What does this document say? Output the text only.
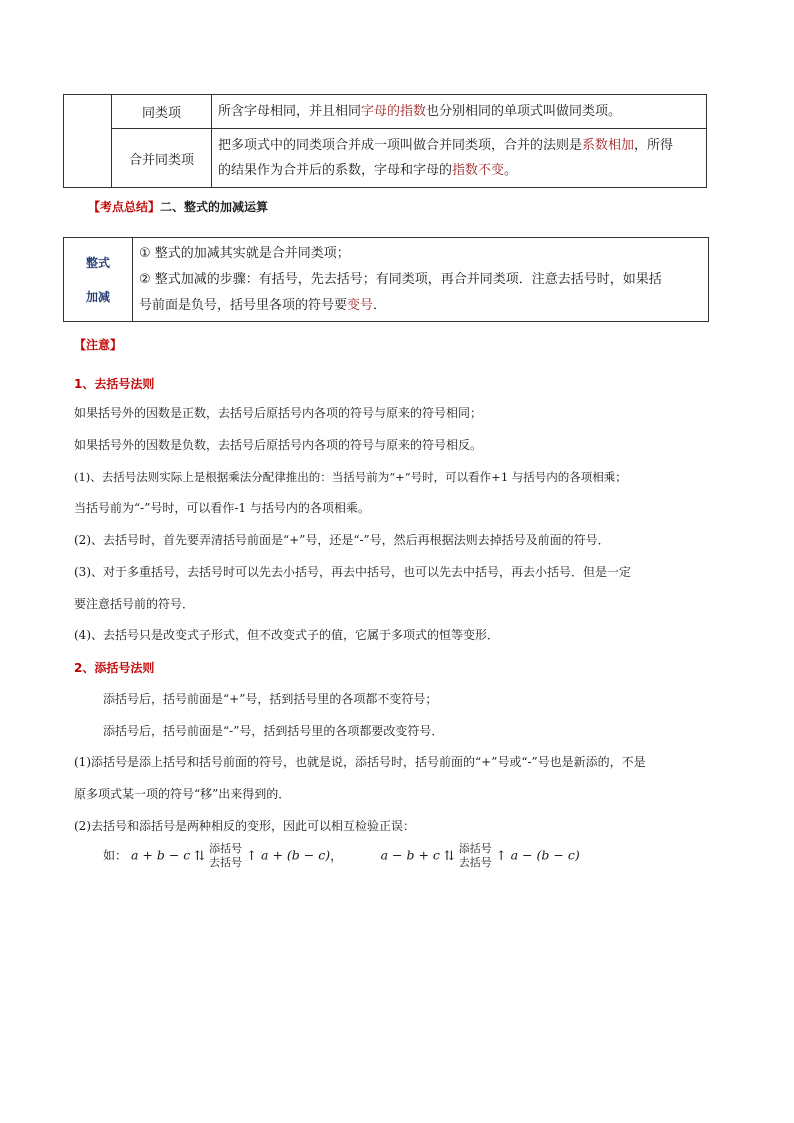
	同类项	所含字母相同，并且相同字母的指数也分别相同的单项式叫做同类项。
	合并同类项	把多项式中的同类项合并成一项叫做合并同类项，合并的法则是系数相加，所得
的结果作为合并后的系数，字母和字母的指数不变。
【考点总结】二、整式的加减运算
整式
加减	① 整式的加减其实就是合并同类项；
② 整式加减的步骤：有括号，先去括号；有同类项，再合并同类项．注意去括号时，如果括
号前面是负号，括号里各项的符号要变号．
【注意】
1、去括号法则
如果括号外的因数是正数，去括号后原括号内各项的符号与原来的符号相同；
如果括号外的因数是负数，去括号后原括号内各项的符号与原来的符号相反。
(1)、去括号法则实际上是根据乘法分配律推出的：当括号前为“+”号时，可以看作+1 与括号内的各项相乘；
当括号前为“-”号时，可以看作-1 与括号内的各项相乘。
(2)、去括号时，首先要弄清括号前面是“+”号，还是“-”号，然后再根据法则去掉括号及前面的符号．
(3)、对于多重括号，去括号时可以先去小括号，再去中括号，也可以先去中括号，再去小括号．但是一定
要注意括号前的符号．
(4)、去括号只是改变式子形式，但不改变式子的值，它属于多项式的恒等变形．
2、添括号法则
添括号后，括号前面是“+”号，括到括号里的各项都不变符号；
添括号后，括号前面是“-”号，括到括号里的各项都要改变符号．
(1)添括号是添上括号和括号前面的符号，也就是说，添括号时，括号前面的“+”号或“-”号也是新添的，不是
原多项式某一项的符号“移”出来得到的．
(2)去括号和添括号是两种相反的变形，因此可以相互检验正误：
如： a + b − c ⇅ 添括号
去括号 ↑ a + (b − c)，	a − b + c ⇅ 添括号
去括号 ↑ a − (b − c)
